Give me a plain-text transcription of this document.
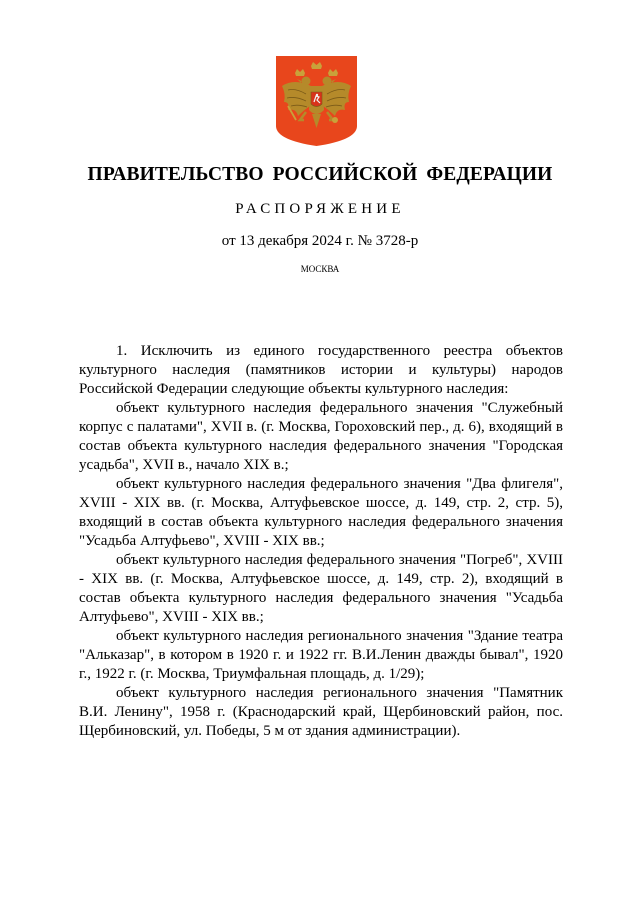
ПРАВИТЕЛЬСТВО РОССИЙСКОЙ ФЕДЕРАЦИИ
РАСПОРЯЖЕНИЕ
от 13 декабря 2024 г. № 3728-р
МОСКВА

1. Исключить из единого государственного реестра объектов культурного наследия (памятников истории и культуры) народов Российской Федерации следующие объекты культурного наследия:

объект культурного наследия федерального значения "Служебный корпус с палатами", XVII в. (г. Москва, Гороховский пер., д. 6), входящий в состав объекта культурного наследия федерального значения "Городская усадьба", XVII в., начало XIX в.;

объект культурного наследия федерального значения "Два флигеля", XVIII - XIX вв. (г. Москва, Алтуфьевское шоссе, д. 149, стр. 2, стр. 5), входящий в состав объекта культурного наследия федерального значения "Усадьба Алтуфьево", XVIII - XIX вв.;

объект культурного наследия федерального значения "Погреб", XVIII - XIX вв. (г. Москва, Алтуфьевское шоссе, д. 149, стр. 2), входящий в состав объекта культурного наследия федерального значения "Усадьба Алтуфьево", XVIII - XIX вв.;

объект культурного наследия регионального значения "Здание театра "Альказар", в котором в 1920 г. и 1922 гг. В.И.Ленин дважды бывал", 1920 г., 1922 г. (г. Москва, Триумфальная площадь, д. 1/29);

объект культурного наследия регионального значения "Памятник В.И. Ленину", 1958 г. (Краснодарский край, Щербиновский район, пос. Щербиновский, ул. Победы, 5 м от здания администрации).
